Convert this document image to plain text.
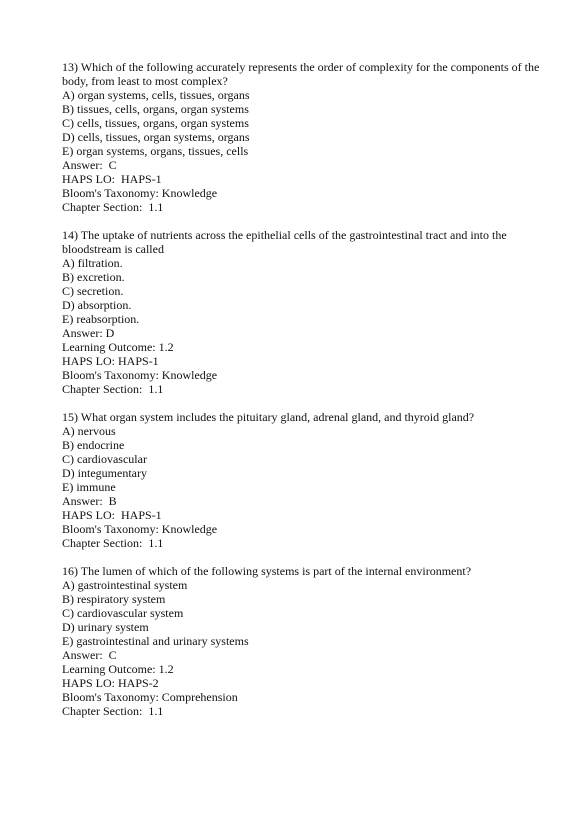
13) Which of the following accurately represents the order of complexity for the components of the body, from least to most complex?
A) organ systems, cells, tissues, organs
B) tissues, cells, organs, organ systems
C) cells, tissues, organs, organ systems
D) cells, tissues, organ systems, organs
E) organ systems, organs, tissues, cells
Answer:  C
HAPS LO:  HAPS-1
Bloom's Taxonomy: Knowledge
Chapter Section:  1.1
14) The uptake of nutrients across the epithelial cells of the gastrointestinal tract and into the bloodstream is called
A) filtration.
B) excretion.
C) secretion.
D) absorption.
E) reabsorption.
Answer: D
Learning Outcome: 1.2
HAPS LO: HAPS-1
Bloom's Taxonomy: Knowledge
Chapter Section:  1.1
15) What organ system includes the pituitary gland, adrenal gland, and thyroid gland?
A) nervous
B) endocrine
C) cardiovascular
D) integumentary
E) immune
Answer:  B
HAPS LO:  HAPS-1
Bloom's Taxonomy: Knowledge
Chapter Section:  1.1
16) The lumen of which of the following systems is part of the internal environment?
A) gastrointestinal system
B) respiratory system
C) cardiovascular system
D) urinary system
E) gastrointestinal and urinary systems
Answer:  C
Learning Outcome: 1.2
HAPS LO: HAPS-2
Bloom's Taxonomy: Comprehension
Chapter Section:  1.1
